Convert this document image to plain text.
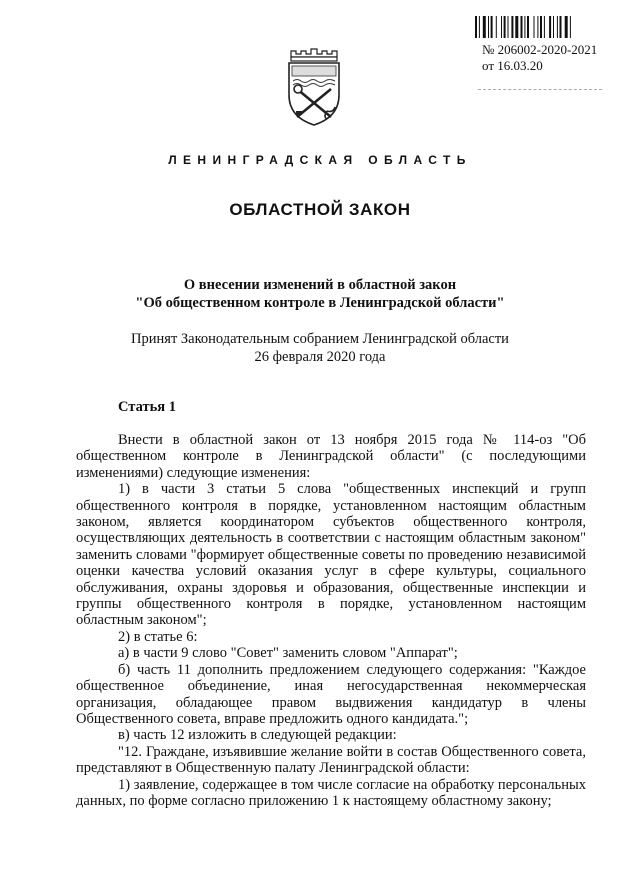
№ 206002-2020-2021
от 16.03.20
ЛЕНИНГРАДСКАЯ ОБЛАСТЬ
ОБЛАСТНОЙ ЗАКОН
О внесении изменений в областной закон
"Об общественном контроле в Ленинградской области"
Принят Законодательным собранием Ленинградской области
26 февраля 2020 года
Статья 1

Внести в областной закон от 13 ноября 2015 года № 114-оз "Об общественном контроле в Ленинградской области" (с последующими изменениями) следующие изменения:

1) в части 3 статьи 5 слова "общественных инспекций и групп общественного контроля в порядке, установленном настоящим областным законом, является координатором субъектов общественного контроля, осуществляющих деятельность в соответствии с настоящим областным законом" заменить словами "формирует общественные советы по проведению независимой оценки качества условий оказания услуг в сфере культуры, социального обслуживания, охраны здоровья и образования, общественные инспекции и группы общественного контроля в порядке, установленном настоящим областным законом";

2) в статье 6:

а) в части 9 слово "Совет" заменить словом "Аппарат";

б) часть 11 дополнить предложением следующего содержания: "Каждое общественное объединение, иная негосударственная некоммерческая организация, обладающее правом выдвижения кандидатур в члены Общественного совета, вправе предложить одного кандидата.";

в) часть 12 изложить в следующей редакции:

"12. Граждане, изъявившие желание войти в состав Общественного совета, представляют в Общественную палату Ленинградской области:

1) заявление, содержащее в том числе согласие на обработку персональных данных, по форме согласно приложению 1 к настоящему областному закону;
